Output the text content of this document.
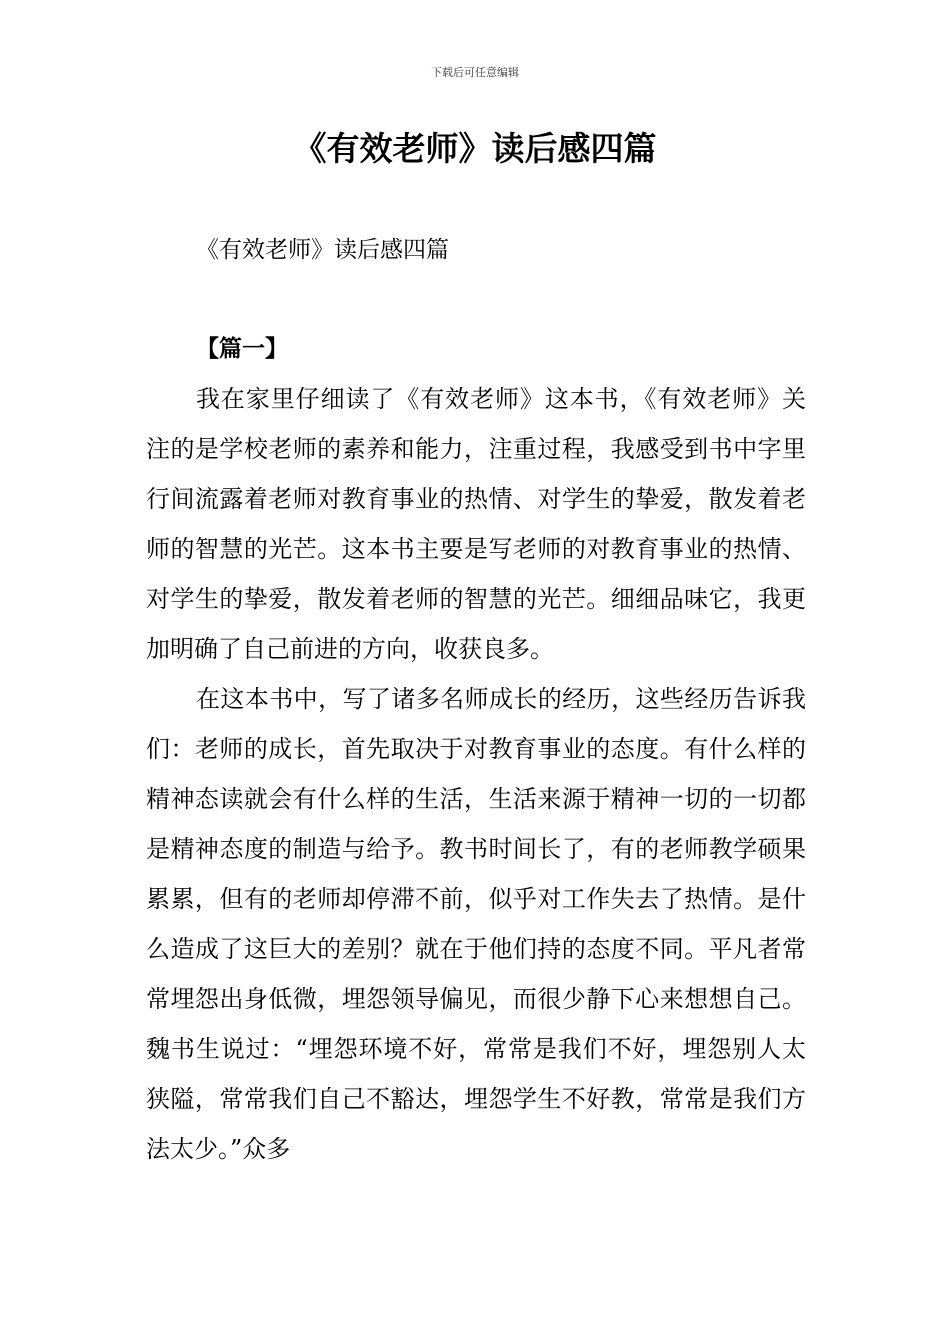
下载后可任意编辑
《有效老师》读后感四篇

《有效老师》读后感四篇

【篇一】

我在家里仔细读了《有效老师》这本书，《有效老师》关注的是学校老师的素养和能力，注重过程，我感受到书中字里行间流露着老师对教育事业的热情、对学生的挚爱，散发着老师的智慧的光芒。这本书主要是写老师的对教育事业的热情、对学生的挚爱，散发着老师的智慧的光芒。细细品味它，我更加明确了自己前进的方向，收获良多。

在这本书中，写了诸多名师成长的经历，这些经历告诉我们：老师的成长，首先取决于对教育事业的态度。有什么样的精神态读就会有什么样的生活，生活来源于精神一切的一切都是精神态度的制造与给予。教书时间长了，有的老师教学硕果累累，但有的老师却停滞不前，似乎对工作失去了热情。是什么造成了这巨大的差别？就在于他们持的态度不同。平凡者常常埋怨出身低微，埋怨领导偏见，而很少静下心来想想自己。魏书生说过：“埋怨环境不好，常常是我们不好，埋怨别人太狭隘，常常我们自己不豁达，埋怨学生不好教，常常是我们方法太少。”众多
